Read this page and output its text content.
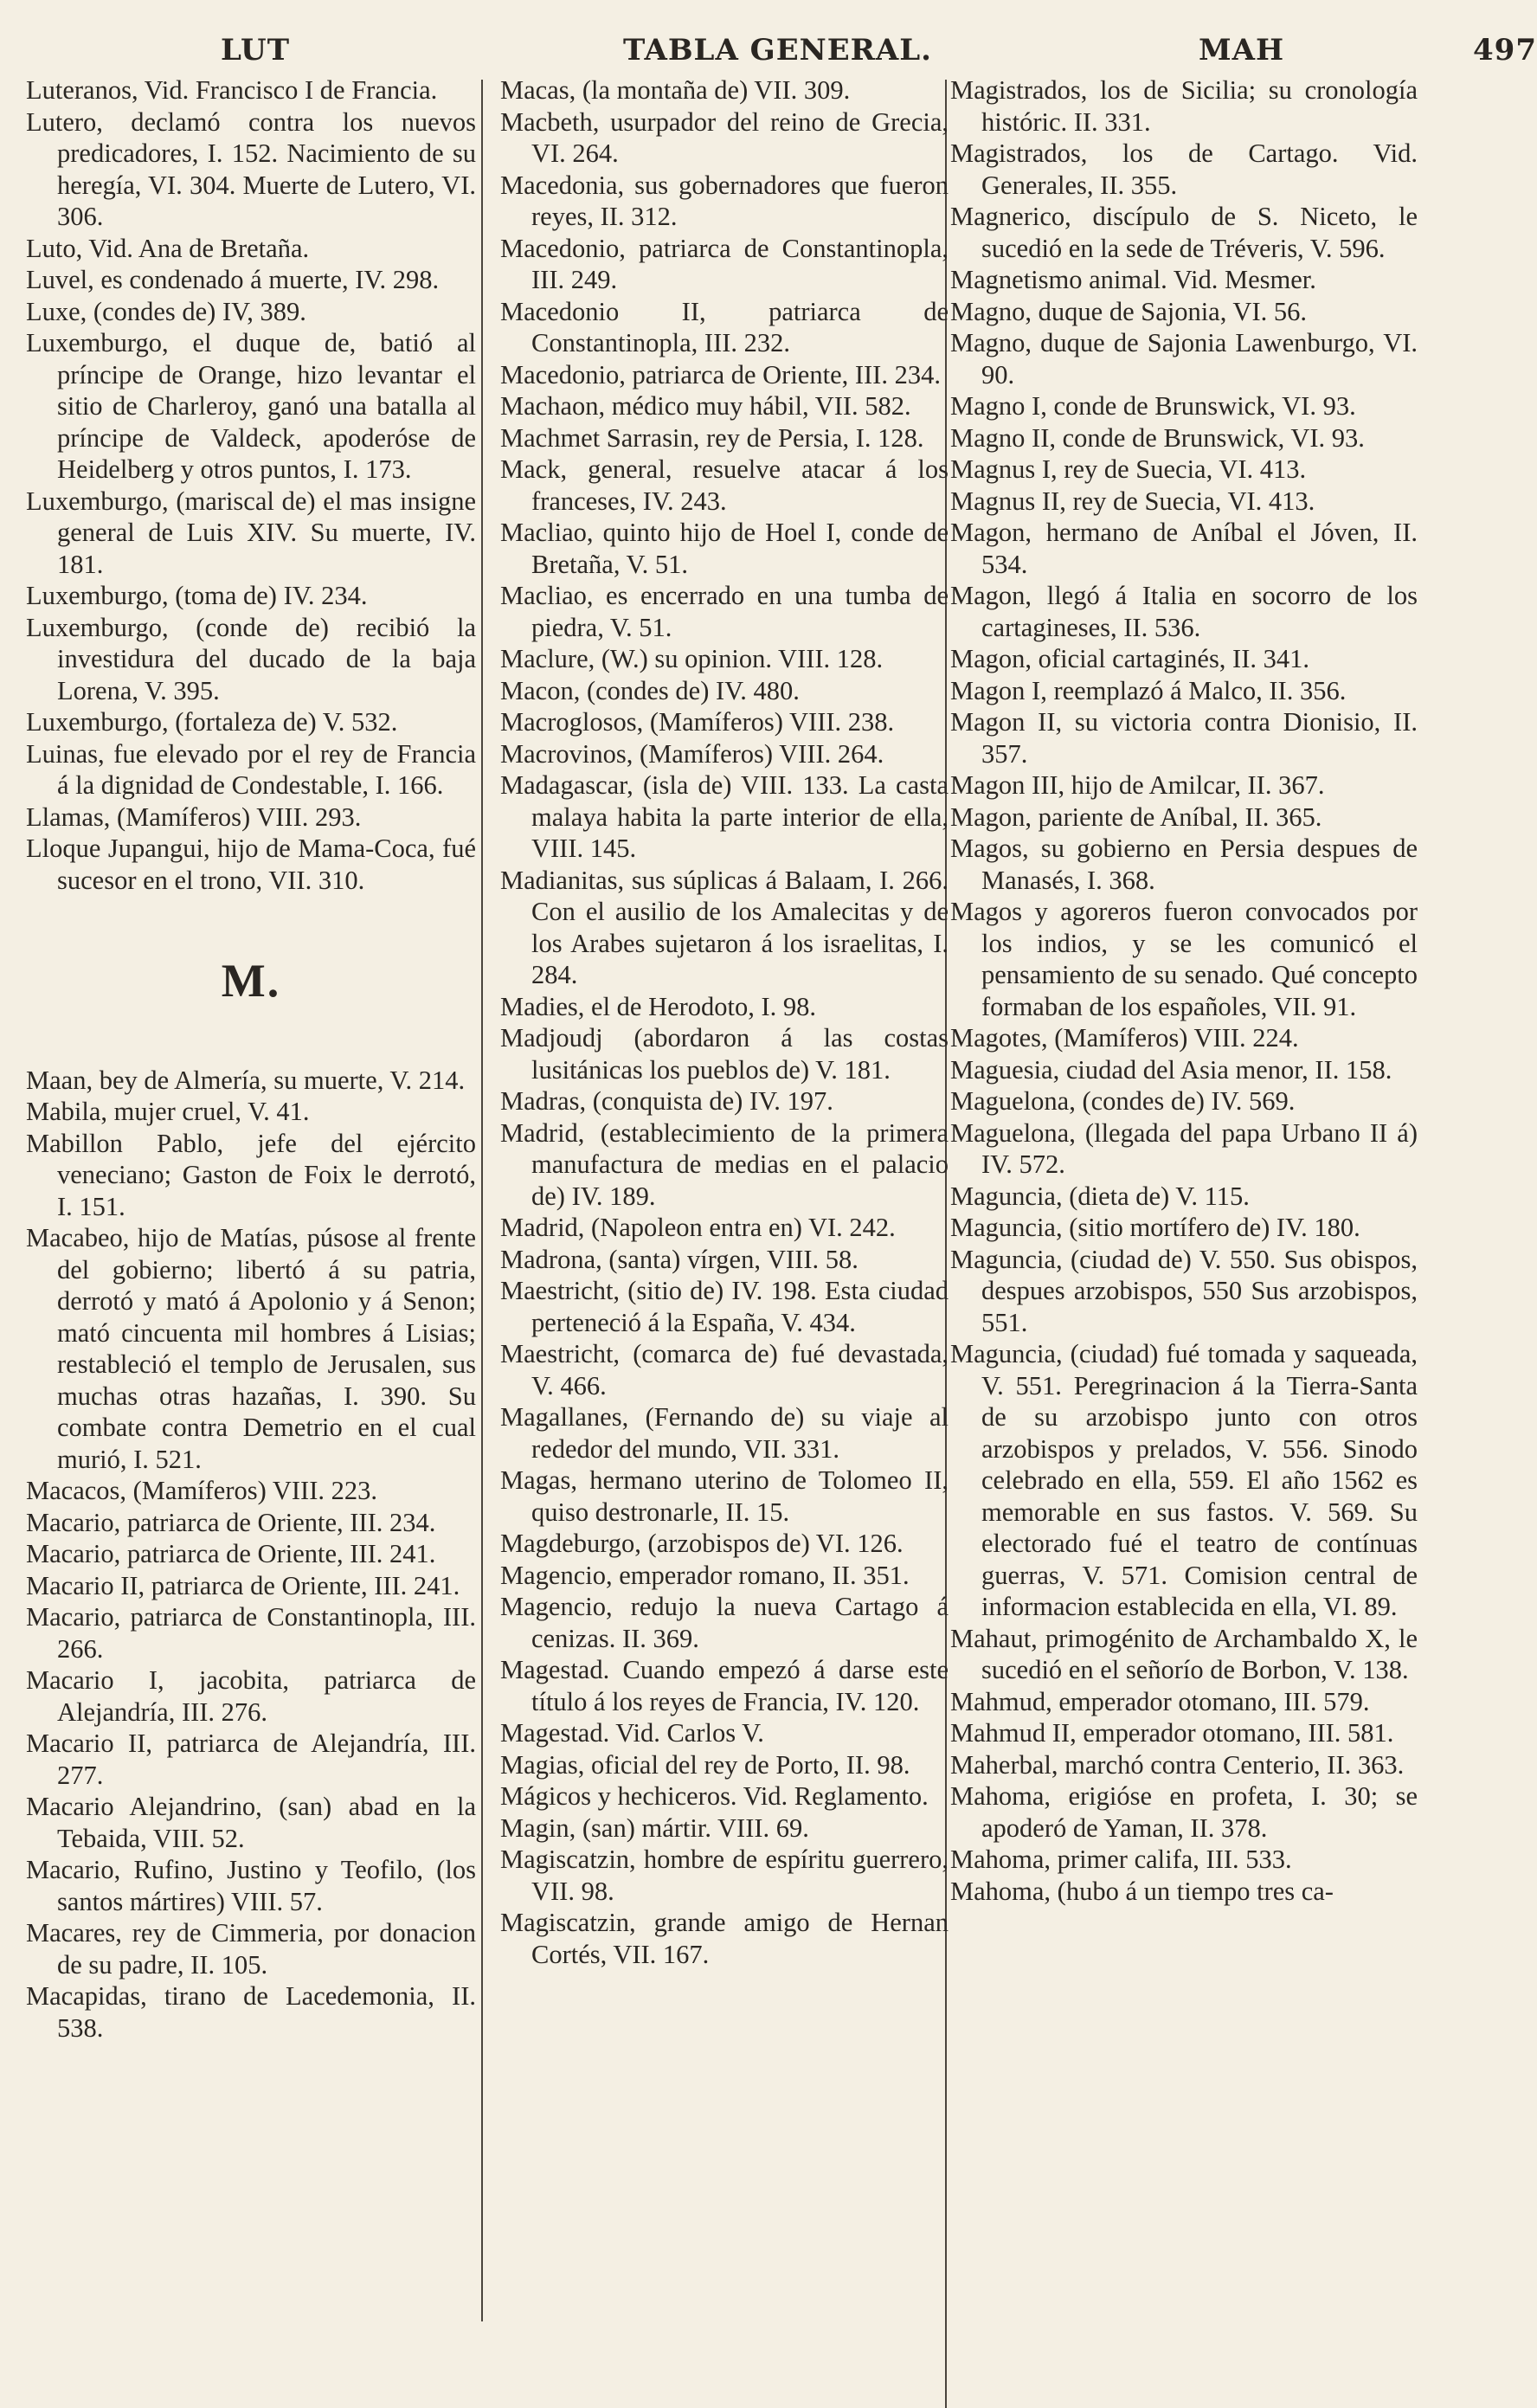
LUT	TABLA GENERAL.	MAH	497

Luteranos, Vid. Francisco I de Francia.

Lutero, declamó contra los nuevos predicadores, I. 152. Nacimiento de su heregía, VI. 304. Muerte de Lutero, VI. 306.

Luto, Vid. Ana de Bretaña.

Luvel, es condenado á muerte, IV. 298.

Luxe, (condes de) IV, 389.

Luxemburgo, el duque de, batió al príncipe de Orange, hizo levantar el sitio de Charleroy, ganó una batalla al príncipe de Valdeck, apoderóse de Heidelberg y otros puntos, I. 173.

Luxemburgo, (mariscal de) el mas insigne general de Luis XIV. Su muerte, IV. 181.

Luxemburgo, (toma de) IV. 234.

Luxemburgo, (conde de) recibió la investidura del ducado de la baja Lorena, V. 395.

Luxemburgo, (fortaleza de) V. 532.

Luinas, fue elevado por el rey de Francia á la dignidad de Condestable, I. 166.

Llamas, (Mamíferos) VIII. 293.

Lloque Jupangui, hijo de Mama-Coca, fué sucesor en el trono, VII. 310.

M.

Maan, bey de Almería, su muerte, V. 214.

Mabila, mujer cruel, V. 41.

Mabillon Pablo, jefe del ejército veneciano; Gaston de Foix le derrotó, I. 151.

Macabeo, hijo de Matías, púsose al frente del gobierno; libertó á su patria, derrotó y mató á Apolonio y á Senon; mató cincuenta mil hombres á Lisias; restableció el templo de Jerusalen, sus muchas otras hazañas, I. 390. Su combate contra Demetrio en el cual murió, I. 521.

Macacos, (Mamíferos) VIII. 223.

Macario, patriarca de Oriente, III. 234.

Macario, patriarca de Oriente, III. 241.

Macario II, patriarca de Oriente, III. 241.

Macario, patriarca de Constantinopla, III. 266.

Macario I, jacobita, patriarca de Alejandría, III. 276.

Macario II, patriarca de Alejandría, III. 277.

Macario Alejandrino, (san) abad en la Tebaida, VIII. 52.

Macario, Rufino, Justino y Teofilo, (los santos mártires) VIII. 57.

Macares, rey de Cimmeria, por donacion de su padre, II. 105.

Macapidas, tirano de Lacedemonia, II. 538.

Macas, (la montaña de) VII. 309.

Macbeth, usurpador del reino de Grecia, VI. 264.

Macedonia, sus gobernadores que fueron reyes, II. 312.

Macedonio, patriarca de Constantinopla, III. 249.

Macedonio II, patriarca de Constantinopla, III. 232.

Macedonio, patriarca de Oriente, III. 234.

Machaon, médico muy hábil, VII. 582.

Machmet Sarrasin, rey de Persia, I. 128.

Mack, general, resuelve atacar á los franceses, IV. 243.

Macliao, quinto hijo de Hoel I, conde de Bretaña, V. 51.

Macliao, es encerrado en una tumba de piedra, V. 51.

Maclure, (W.) su opinion. VIII. 128.

Macon, (condes de) IV. 480.

Macroglosos, (Mamíferos) VIII. 238.

Macrovinos, (Mamíferos) VIII. 264.

Madagascar, (isla de) VIII. 133. La casta malaya habita la parte interior de ella, VIII. 145.

Madianitas, sus súplicas á Balaam, I. 266. Con el ausilio de los Amalecitas y de los Arabes sujetaron á los israelitas, I. 284.

Madies, el de Herodoto, I. 98.

Madjoudj (abordaron á las costas lusitánicas los pueblos de) V. 181.

Madras, (conquista de) IV. 197.

Madrid, (establecimiento de la primera manufactura de medias en el palacio de) IV. 189.

Madrid, (Napoleon entra en) VI. 242.

Madrona, (santa) vírgen, VIII. 58.

Maestricht, (sitio de) IV. 198. Esta ciudad perteneció á la España, V. 434.

Maestricht, (comarca de) fué devastada, V. 466.

Magallanes, (Fernando de) su viaje al rededor del mundo, VII. 331.

Magas, hermano uterino de Tolomeo II, quiso destronarle, II. 15.

Magdeburgo, (arzobispos de) VI. 126.

Magencio, emperador romano, II. 351.

Magencio, redujo la nueva Cartago á cenizas. II. 369.

Magestad. Cuando empezó á darse este título á los reyes de Francia, IV. 120.

Magestad. Vid. Carlos V.

Magias, oficial del rey de Porto, II. 98.

Mágicos y hechiceros. Vid. Reglamento.

Magin, (san) mártir. VIII. 69.

Magiscatzin, hombre de espíritu guerrero, VII. 98.

Magiscatzin, grande amigo de Hernan Cortés, VII. 167.

Magistrados, los de Sicilia; su cronología históric. II. 331.

Magistrados, los de Cartago. Vid. Generales, II. 355.

Magnerico, discípulo de S. Niceto, le sucedió en la sede de Tréveris, V. 596.

Magnetismo animal. Vid. Mesmer.

Magno, duque de Sajonia, VI. 56.

Magno, duque de Sajonia Lawenburgo, VI. 90.

Magno I, conde de Brunswick, VI. 93.

Magno II, conde de Brunswick, VI. 93.

Magnus I, rey de Suecia, VI. 413.

Magnus II, rey de Suecia, VI. 413.

Magon, hermano de Aníbal el Jóven, II. 534.

Magon, llegó á Italia en socorro de los cartagineses, II. 536.

Magon, oficial cartaginés, II. 341.

Magon I, reemplazó á Malco, II. 356.

Magon II, su victoria contra Dionisio, II. 357.

Magon III, hijo de Amilcar, II. 367.

Magon, pariente de Aníbal, II. 365.

Magos, su gobierno en Persia despues de Manasés, I. 368.

Magos y agoreros fueron convocados por los indios, y se les comunicó el pensamiento de su senado. Qué concepto formaban de los españoles, VII. 91.

Magotes, (Mamíferos) VIII. 224.

Maguesia, ciudad del Asia menor, II. 158.

Maguelona, (condes de) IV. 569.

Maguelona, (llegada del papa Urbano II á) IV. 572.

Maguncia, (dieta de) V. 115.

Maguncia, (sitio mortífero de) IV. 180.

Maguncia, (ciudad de) V. 550. Sus obispos, despues arzobispos, 550 Sus arzobispos, 551.

Maguncia, (ciudad) fué tomada y saqueada, V. 551. Peregrinacion á la Tierra-Santa de su arzobispo junto con otros arzobispos y prelados, V. 556. Sinodo celebrado en ella, 559. El año 1562 es memorable en sus fastos. V. 569. Su electorado fué el teatro de contínuas guerras, V. 571. Comision central de informacion establecida en ella, VI. 89.

Mahaut, primogénito de Archambaldo X, le sucedió en el señorío de Borbon, V. 138.

Mahmud, emperador otomano, III. 579.

Mahmud II, emperador otomano, III. 581.

Maherbal, marchó contra Centerio, II. 363.

Mahoma, erigióse en profeta, I. 30; se apoderó de Yaman, II. 378.

Mahoma, primer califa, III. 533.

Mahoma, (hubo á un tiempo tres ca-
